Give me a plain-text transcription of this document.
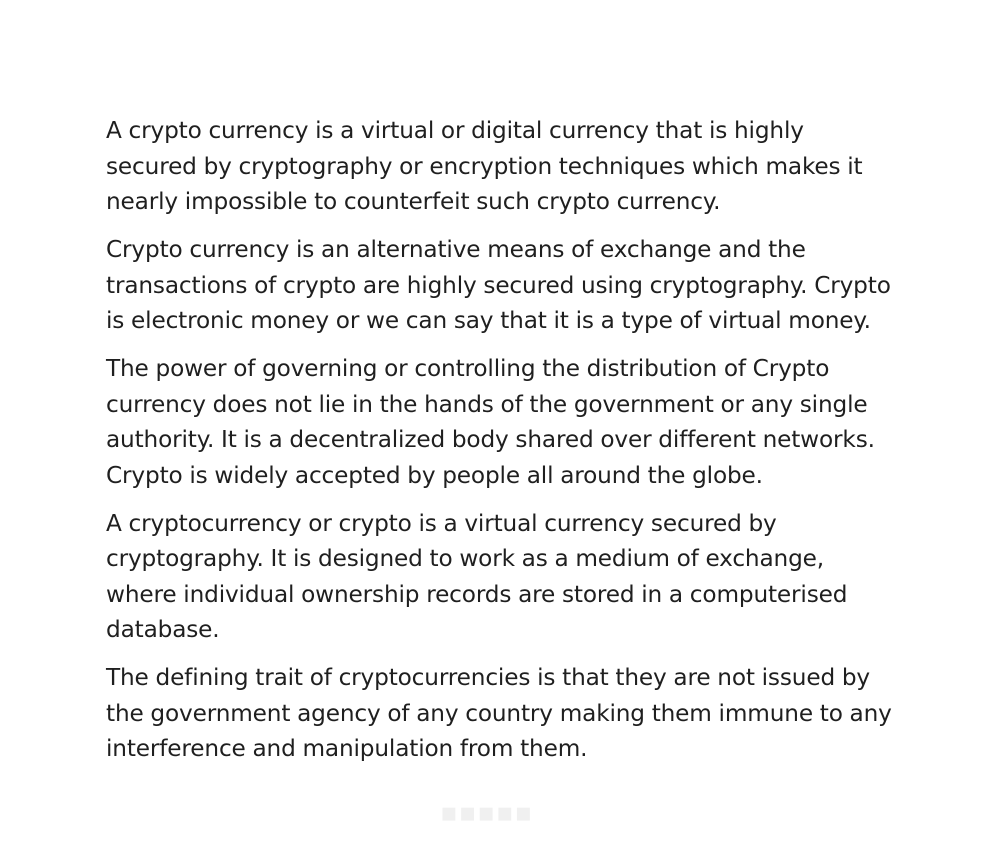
A crypto currency is a virtual or digital currency that is highly secured by cryptography or encryption techniques which makes it nearly impossible to counterfeit such crypto currency.

Crypto currency is an alternative means of exchange and the transactions of crypto are highly secured using cryptography. Crypto is electronic money or we can say that it is a type of virtual money.

The power of governing or controlling the distribution of Crypto currency does not lie in the hands of the government or any single authority. It is a decentralized body shared over different networks. Crypto is widely accepted by people all around the globe.

A cryptocurrency or crypto is a virtual currency secured by cryptography. It is designed to work as a medium of exchange, where individual ownership records are stored in a computerised database.

The defining trait of cryptocurrencies is that they are not issued by the government agency of any country making them immune to any interference and manipulation from them.

▪▪▪▪▪
